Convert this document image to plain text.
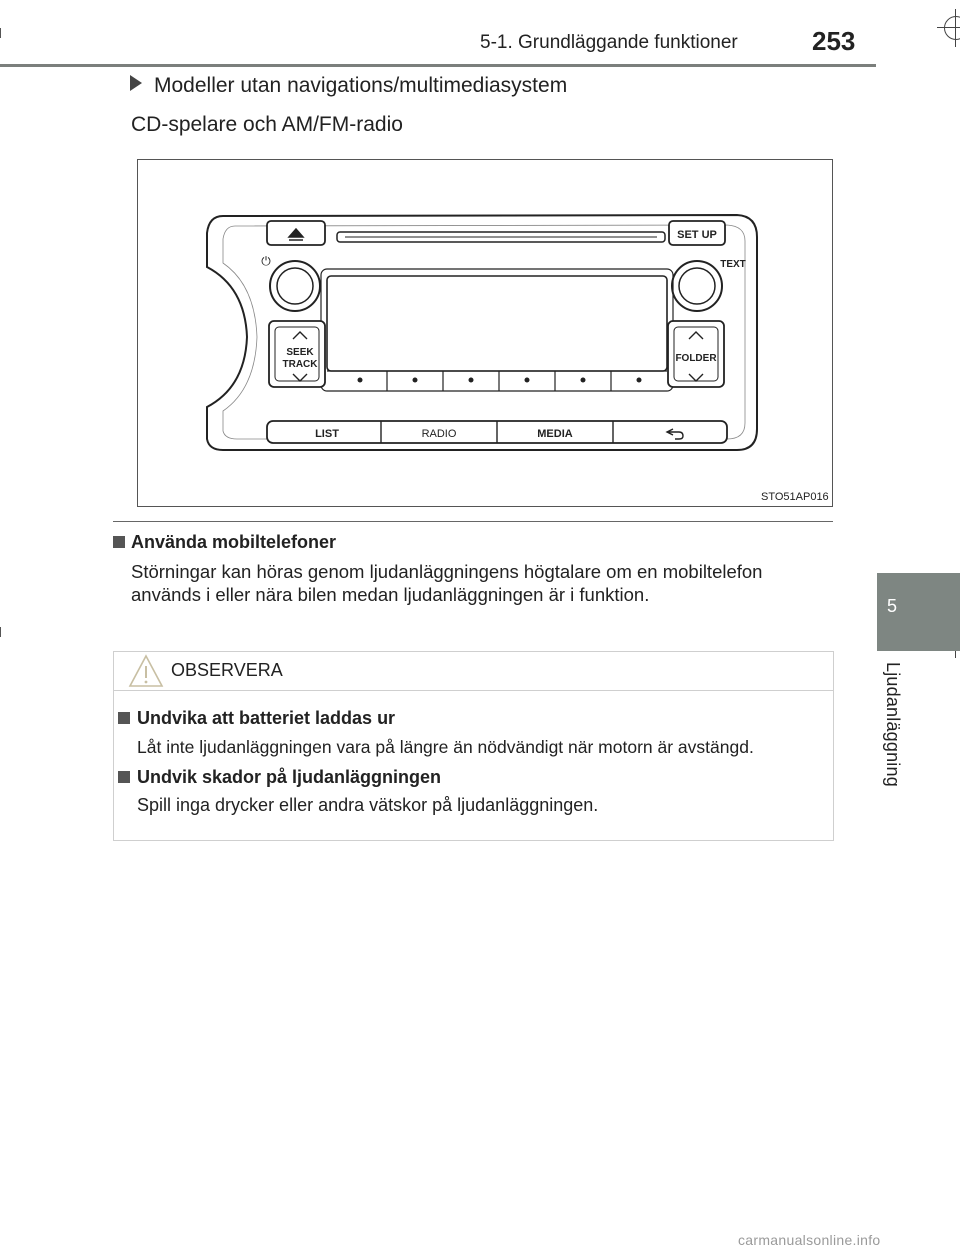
5-1. Grundläggande funktioner	253
5
Ljudanläggning
Modeller utan navigations/multimediasystem
CD-spelare och AM/FM-radio
SET UP
⏻	TEXT
SEEK
TRACK
FOLDER
LIST	RADIO	MEDIA
STO51AP016
Använda mobiltelefoner
Störningar kan höras genom ljudanläggningens högtalare om en mobiltelefon används i eller nära bilen medan ljudanläggningen är i funktion.
OBSERVERA
Undvika att batteriet laddas ur
Låt inte ljudanläggningen vara på längre än nödvändigt när motorn är avstängd.
Undvik skador på ljudanläggningen
Spill inga drycker eller andra vätskor på ljudanläggningen.
carmanualsonline.info
